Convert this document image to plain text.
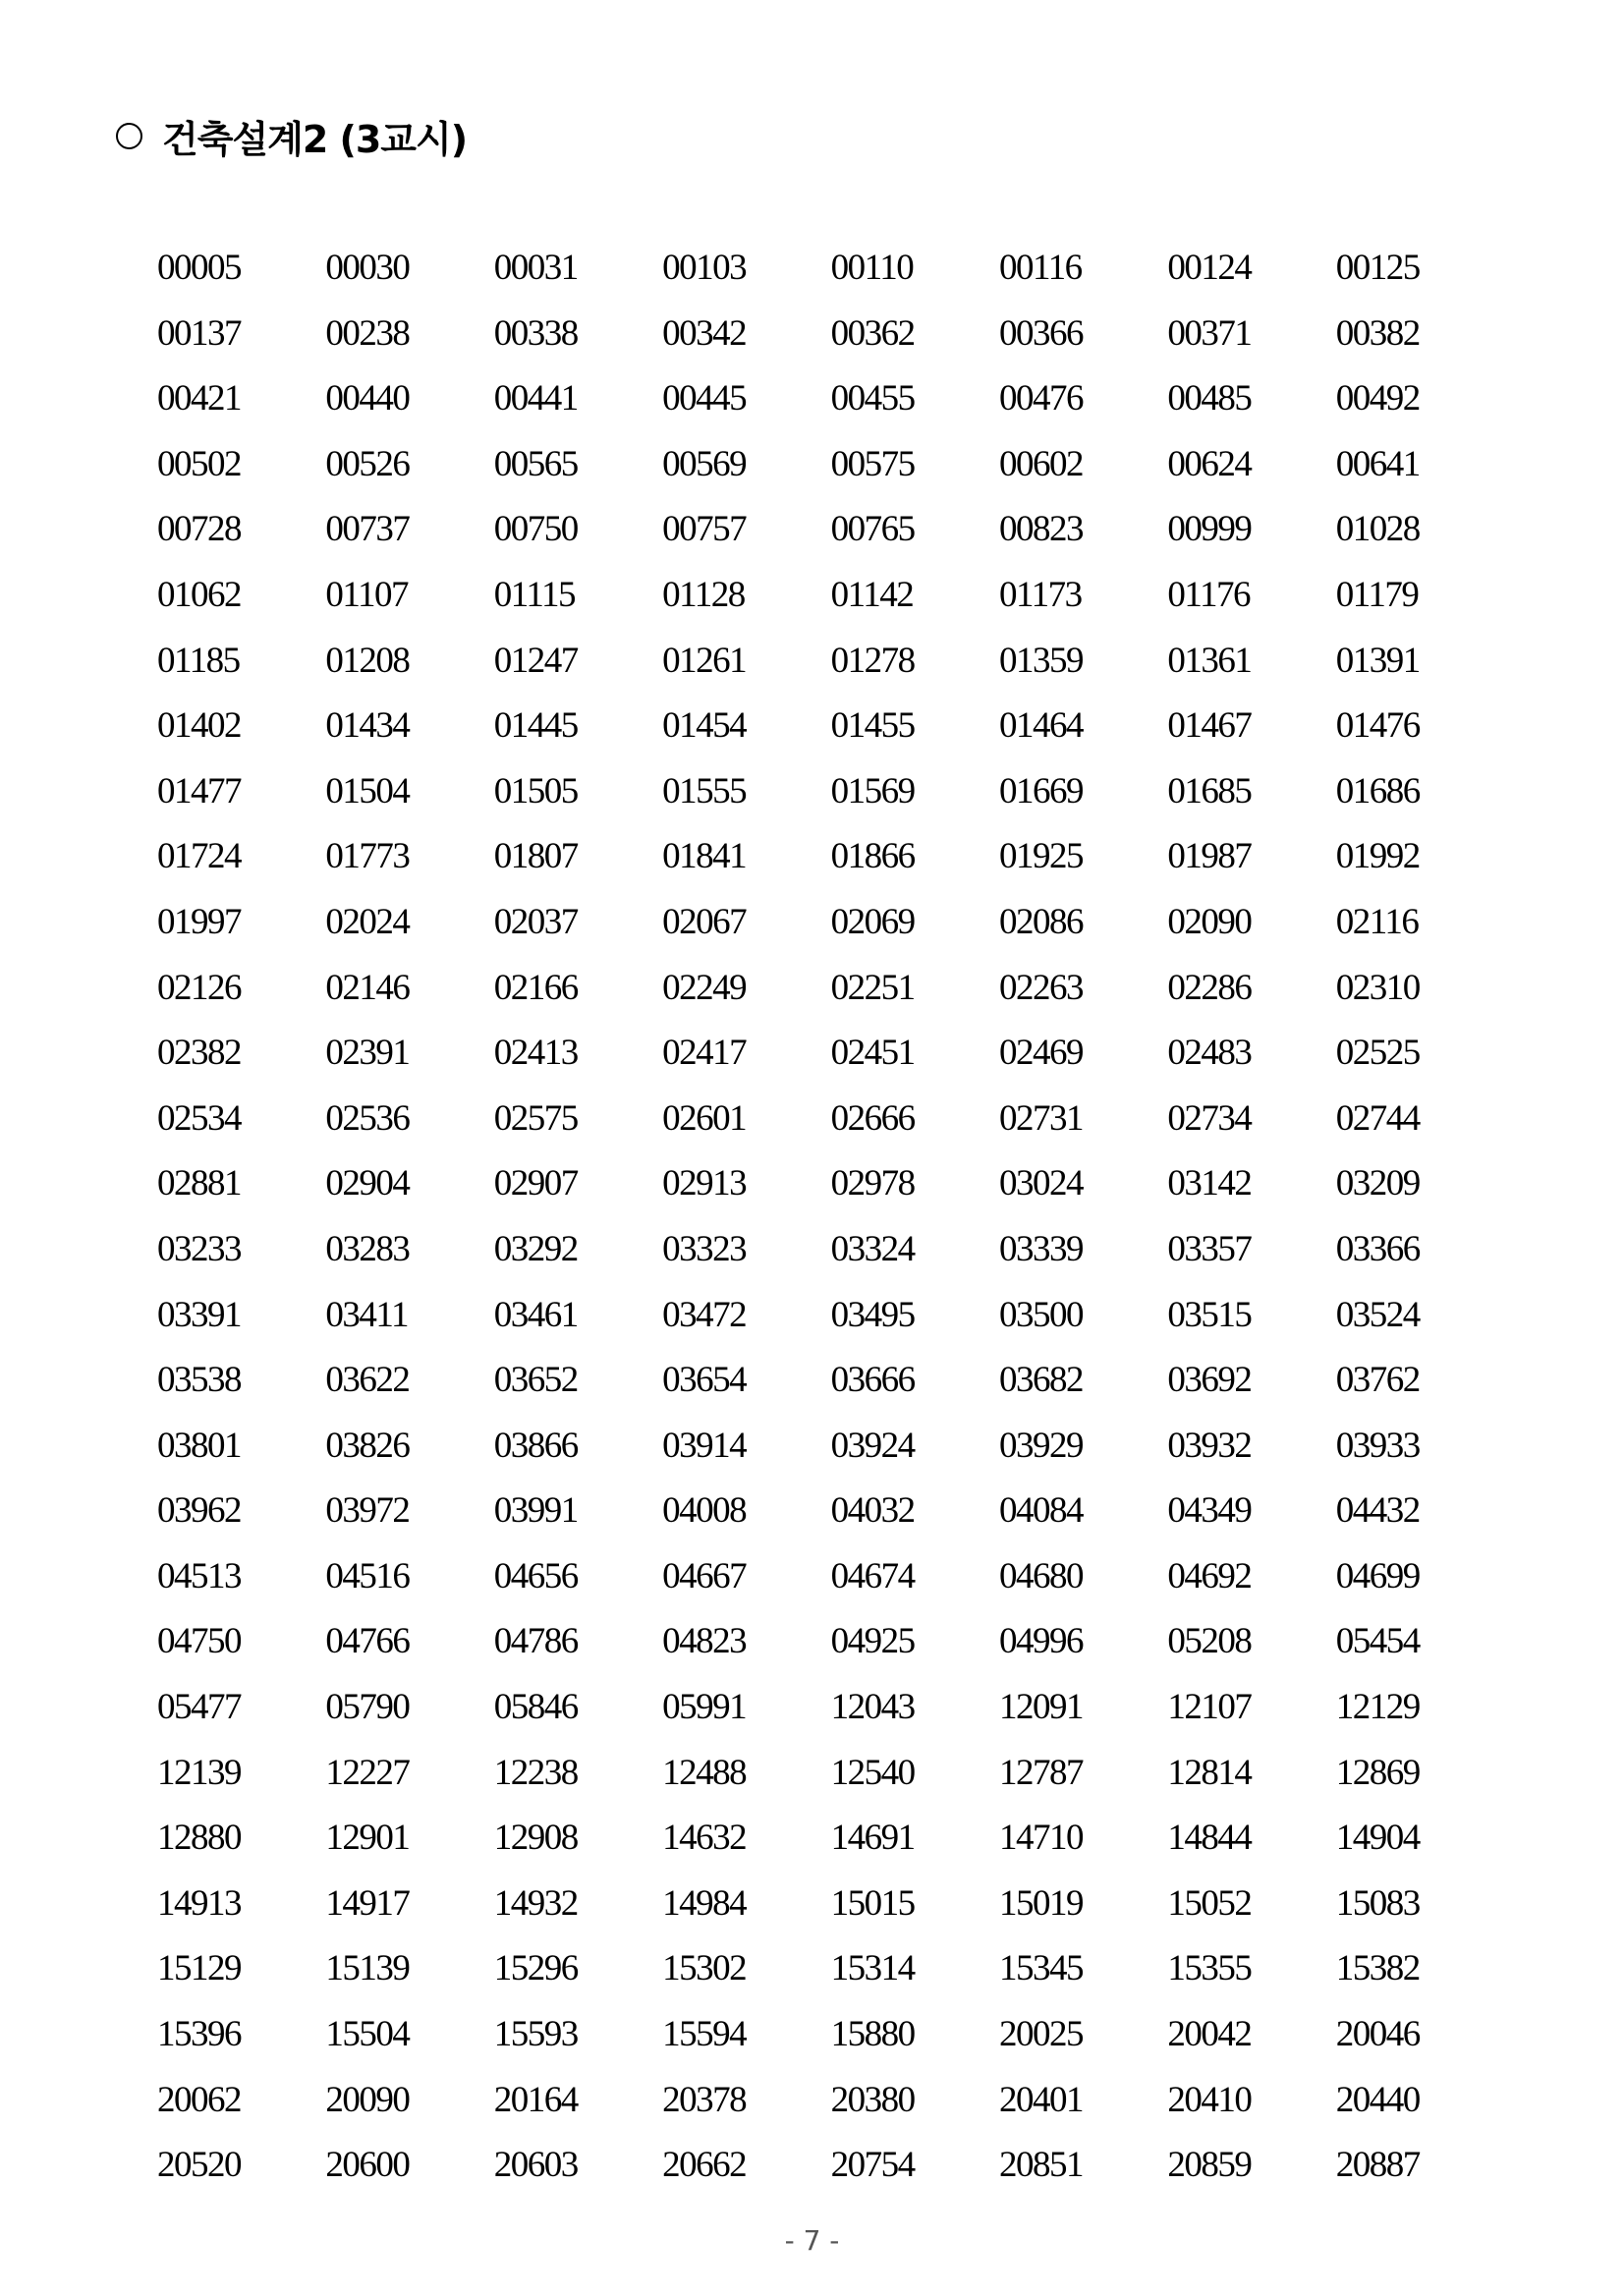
건축설계2 (3교시)
00005	00030	00031	00103	00110	00116	00124	00125
00137	00238	00338	00342	00362	00366	00371	00382
00421	00440	00441	00445	00455	00476	00485	00492
00502	00526	00565	00569	00575	00602	00624	00641
00728	00737	00750	00757	00765	00823	00999	01028
01062	01107	01115	01128	01142	01173	01176	01179
01185	01208	01247	01261	01278	01359	01361	01391
01402	01434	01445	01454	01455	01464	01467	01476
01477	01504	01505	01555	01569	01669	01685	01686
01724	01773	01807	01841	01866	01925	01987	01992
01997	02024	02037	02067	02069	02086	02090	02116
02126	02146	02166	02249	02251	02263	02286	02310
02382	02391	02413	02417	02451	02469	02483	02525
02534	02536	02575	02601	02666	02731	02734	02744
02881	02904	02907	02913	02978	03024	03142	03209
03233	03283	03292	03323	03324	03339	03357	03366
03391	03411	03461	03472	03495	03500	03515	03524
03538	03622	03652	03654	03666	03682	03692	03762
03801	03826	03866	03914	03924	03929	03932	03933
03962	03972	03991	04008	04032	04084	04349	04432
04513	04516	04656	04667	04674	04680	04692	04699
04750	04766	04786	04823	04925	04996	05208	05454
05477	05790	05846	05991	12043	12091	12107	12129
12139	12227	12238	12488	12540	12787	12814	12869
12880	12901	12908	14632	14691	14710	14844	14904
14913	14917	14932	14984	15015	15019	15052	15083
15129	15139	15296	15302	15314	15345	15355	15382
15396	15504	15593	15594	15880	20025	20042	20046
20062	20090	20164	20378	20380	20401	20410	20440
20520	20600	20603	20662	20754	20851	20859	20887
- 7 -
